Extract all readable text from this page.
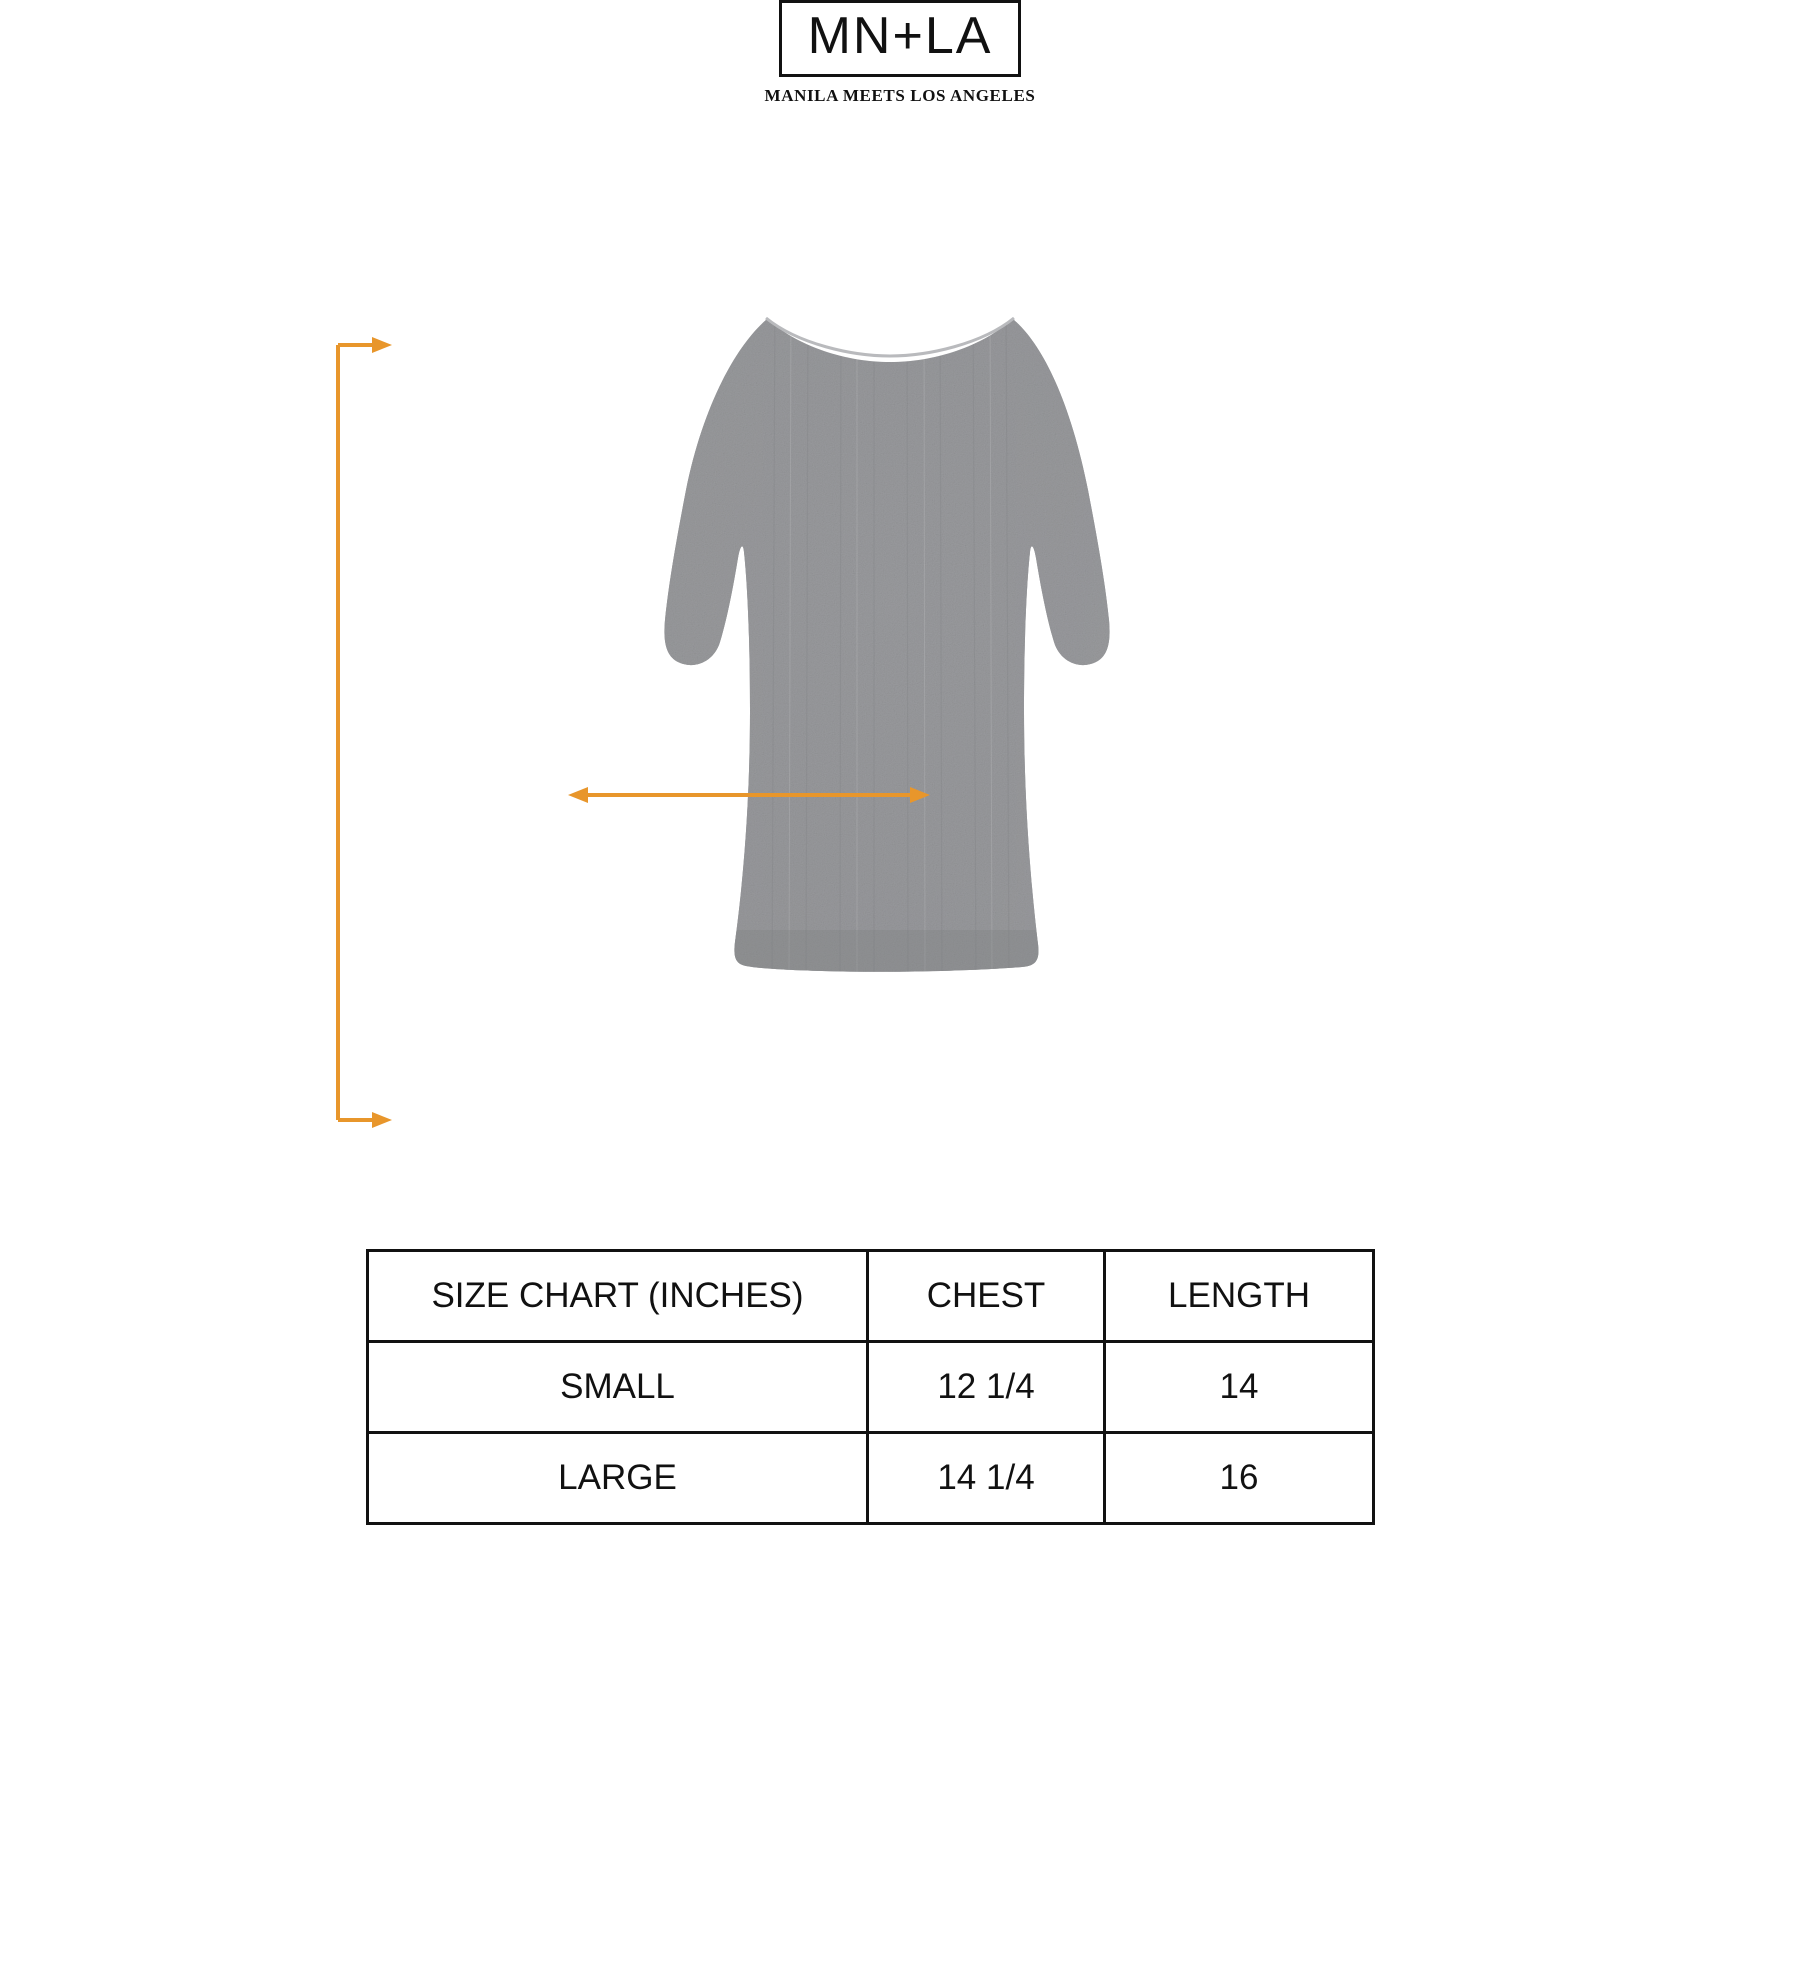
MN+LA
MANILA MEETS LOS ANGELES
SIZE CHART (INCHES)	CHEST	LENGTH
SMALL	12 1/4	14
LARGE	14 1/4	16
